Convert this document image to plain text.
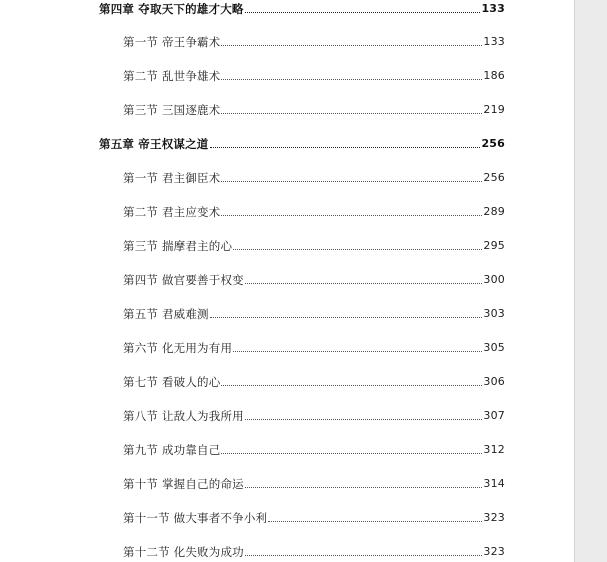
第四章 夺取天下的雄才大略	133
第一节 帝王争霸术	133
第二节 乱世争雄术	186
第三节 三国逐鹿术	219
第五章 帝王权谋之道	256
第一节 君主御臣术	256
第二节 君主应变术	289
第三节 揣摩君主的心	295
第四节 做官要善于权变	300
第五节 君威难测	303
第六节 化无用为有用	305
第七节 看破人的心	306
第八节 让敌人为我所用	307
第九节 成功靠自己	312
第十节 掌握自己的命运	314
第十一节 做大事者不争小利	323
第十二节 化失败为成功	323
